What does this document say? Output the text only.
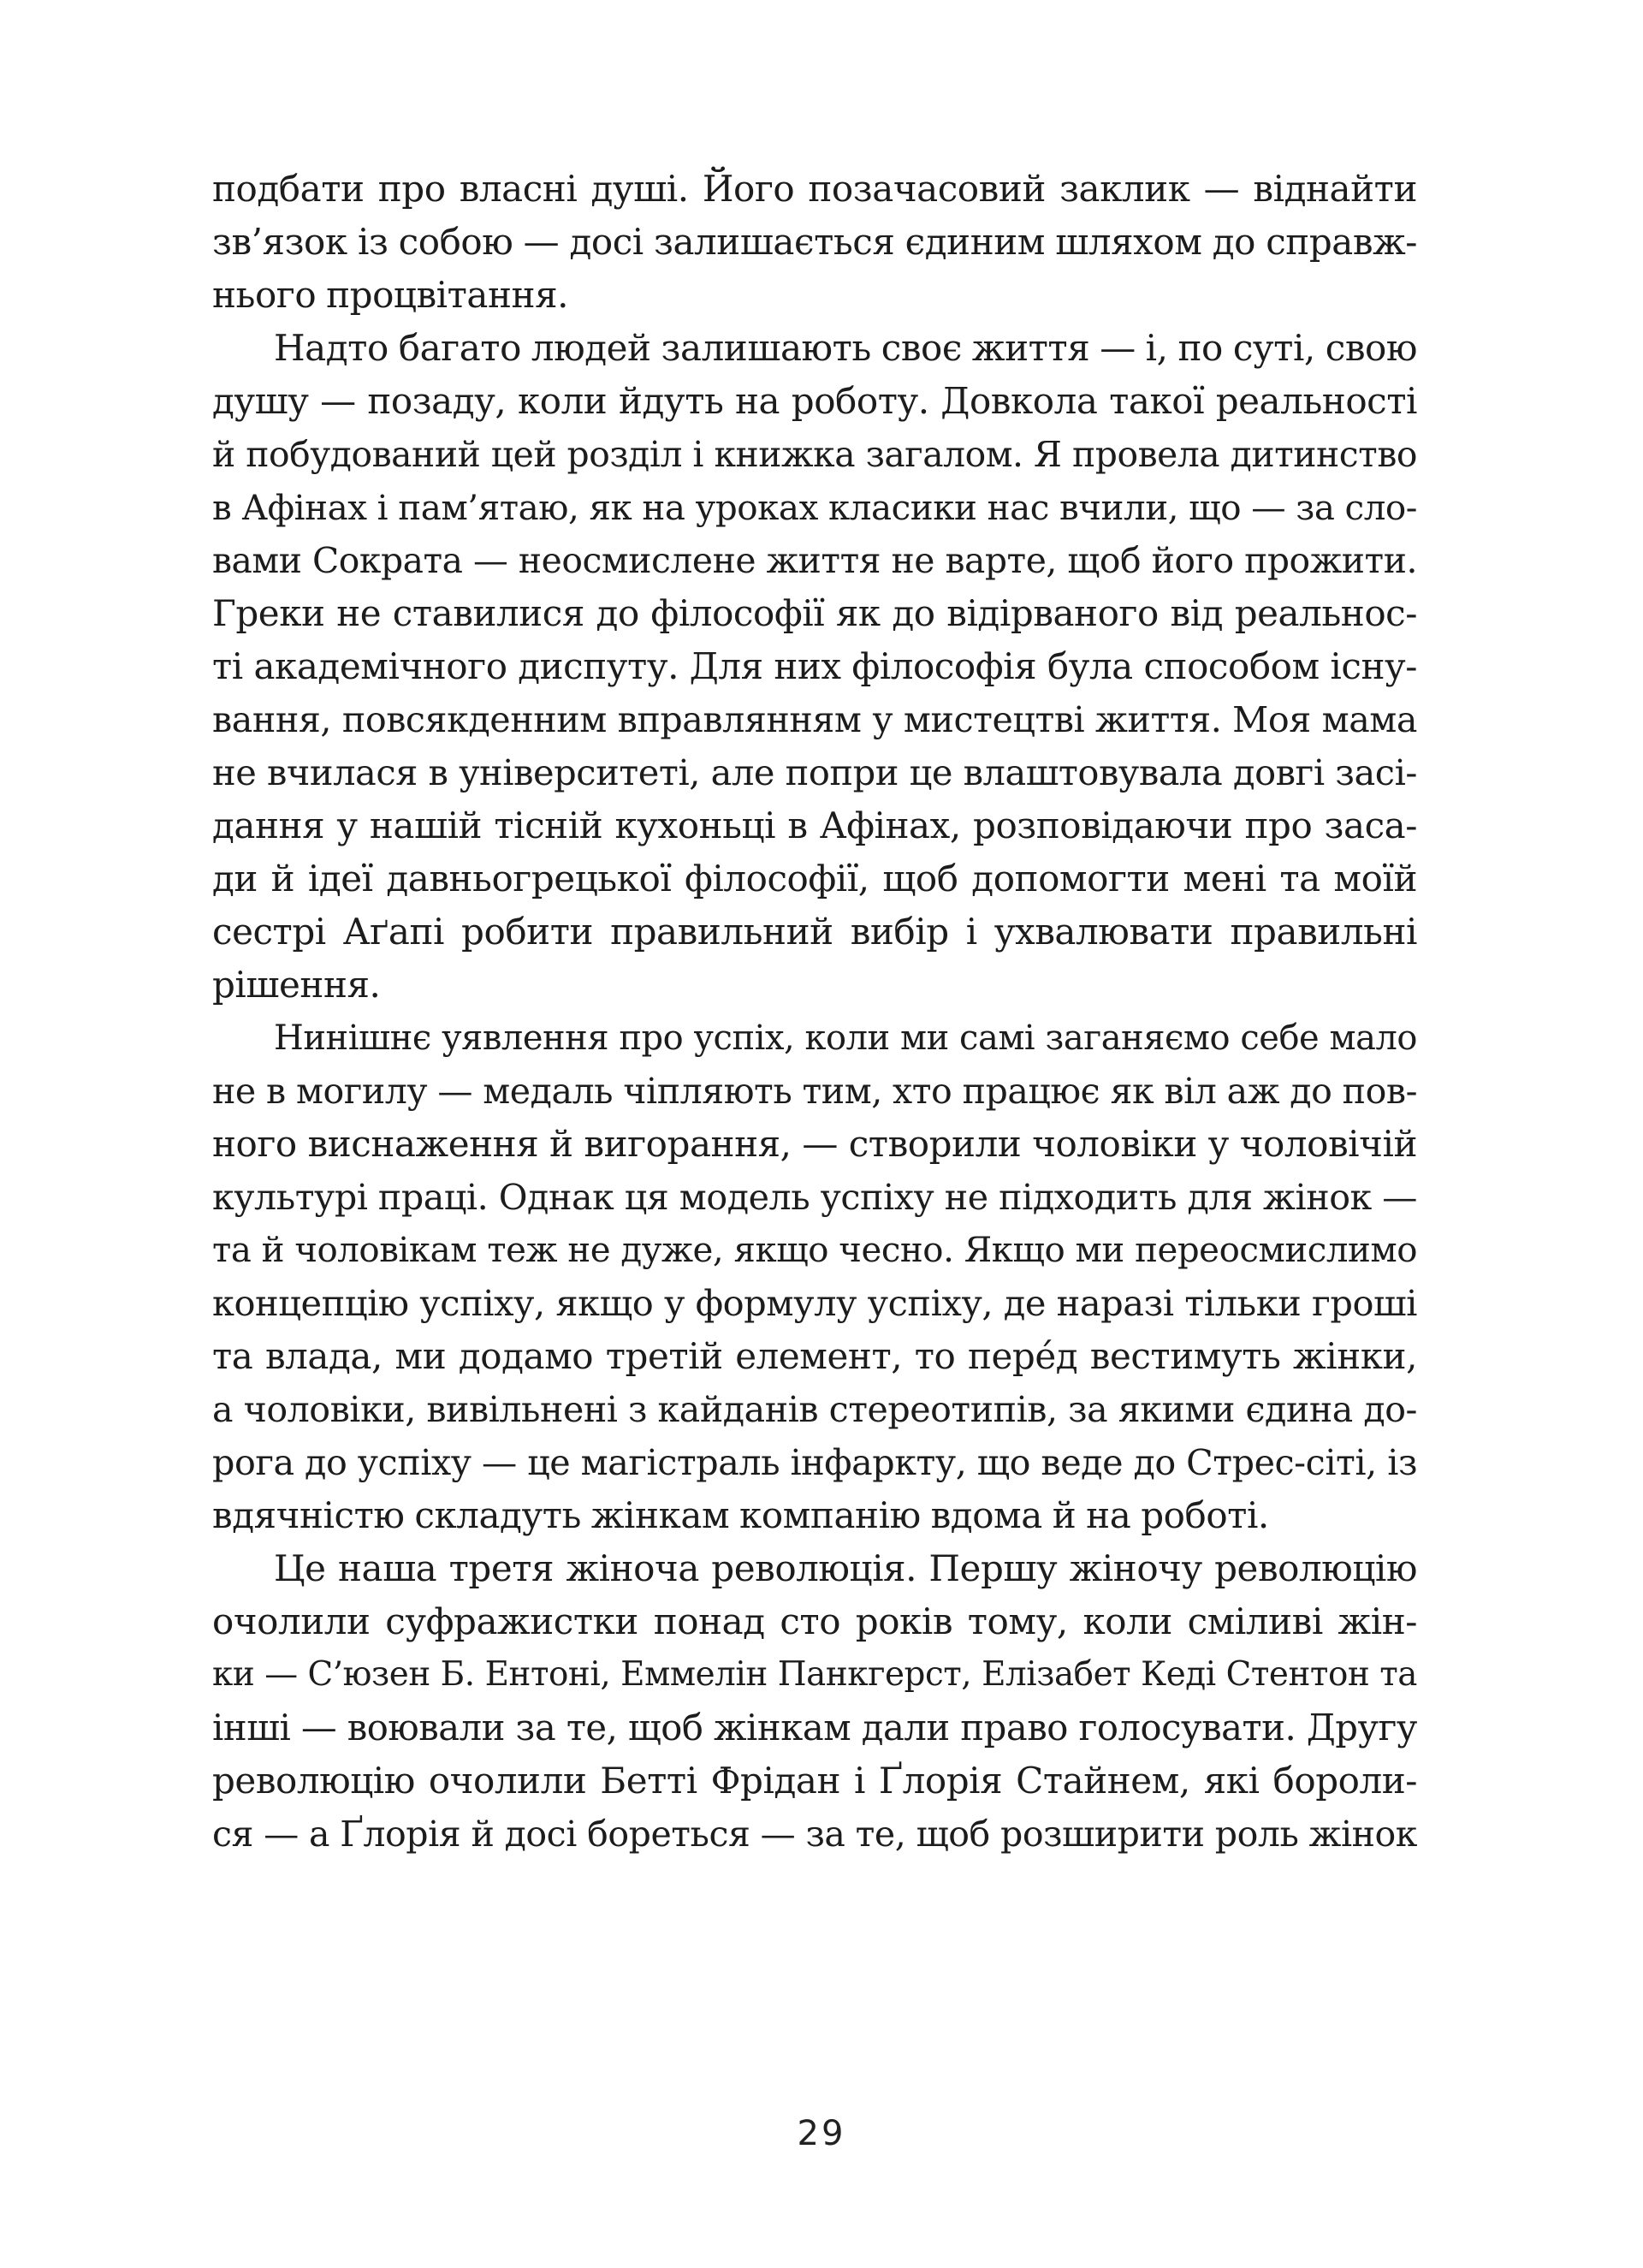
подбати про власні душі. Його позачасовий заклик — віднайти
зв’язок із собою — досі залишається єдиним шляхом до справж-
нього процвітання.
Надто багато людей залишають своє життя — і, по суті, свою
душу — позаду, коли йдуть на роботу. Довкола такої реальності
й побудований цей розділ і книжка загалом. Я провела дитинство
в Афінах і пам’ятаю, як на уроках класики нас вчили, що — за сло-
вами Сократа — неосмислене життя не варте, щоб його прожити.
Греки не ставилися до філософії як до відірваного від реальнос-
ті академічного диспуту. Для них філософія була способом існу-
вання, повсякденним вправлянням у мистецтві життя. Моя мама
не вчилася в університеті, але попри це влаштовувала довгі засі-
дання у нашій тісній кухоньці в Афінах, розповідаючи про заса-
ди й ідеї давньогрецької філософії, щоб допомогти мені та моїй
сестрі Аґапі робити правильний вибір і ухвалювати правильні
рішення.
Нинішнє уявлення про успіх, коли ми самі заганяємо себе мало
не в могилу — медаль чіпляють тим, хто працює як віл аж до пов-
ного виснаження й вигорання, — створили чоловіки у чоловічій
культурі праці. Однак ця модель успіху не підходить для жінок —
та й чоловікам теж не дуже, якщо чесно. Якщо ми переосмислимо
концепцію успіху, якщо у формулу успіху, де наразі тільки гроші
та влада, ми додамо третій елемент, то перéд вестимуть жінки,
а чоловіки, вивільнені з кайданів стереотипів, за якими єдина до-
рога до успіху — це магістраль інфаркту, що веде до Стрес-сіті, із
вдячністю складуть жінкам компанію вдома й на роботі.
Це наша третя жіноча революція. Першу жіночу революцію
очолили суфражистки понад сто років тому, коли сміливі жін-
ки — С’юзен Б. Ентоні, Еммелін Панкгерст, Елізабет Кеді Стентон та
інші — воювали за те, щоб жінкам дали право голосувати. Другу
революцію очолили Бетті Фрідан і Ґлорія Стайнем, які бороли-
ся — а Ґлорія й досі бореться — за те, щоб розширити роль жінок
29
